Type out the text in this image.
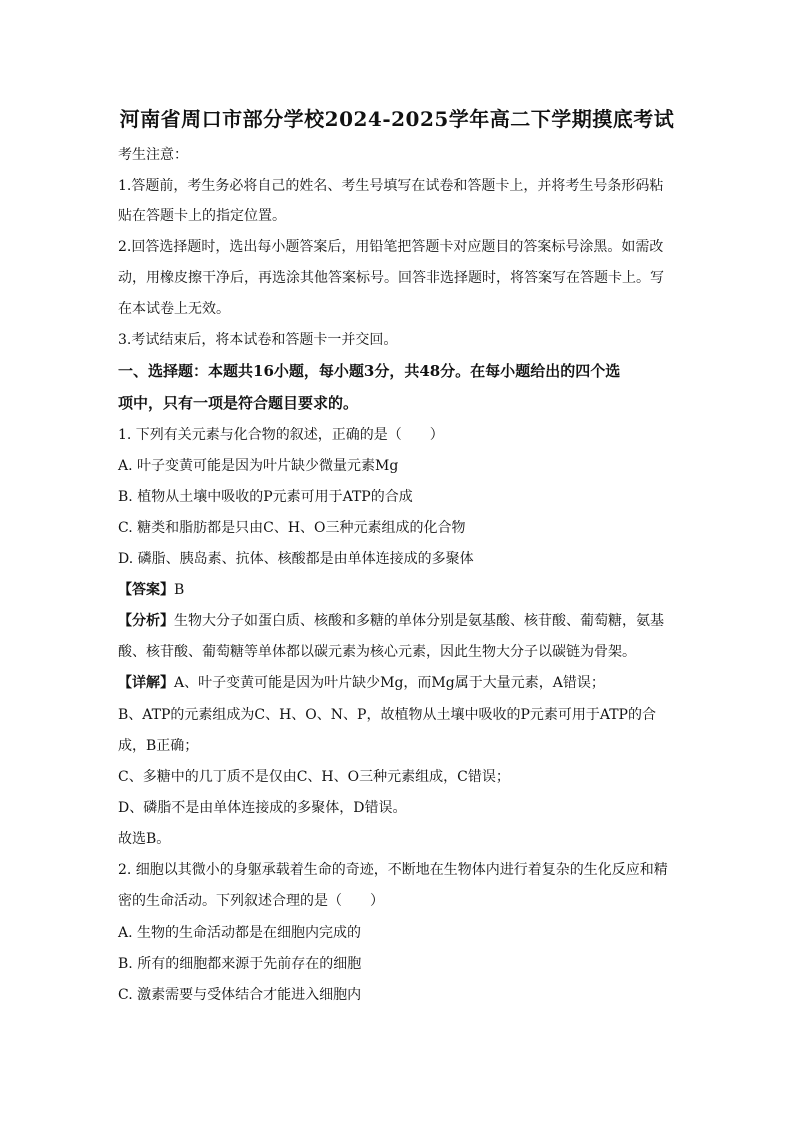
河南省周口市部分学校2024-2025学年高二下学期摸底考试
考生注意：
1.答题前，考生务必将自己的姓名、考生号填写在试卷和答题卡上，并将考生号条形码粘
贴在答题卡上的指定位置。
2.回答选择题时，选出每小题答案后，用铅笔把答题卡对应题目的答案标号涂黑。如需改
动，用橡皮擦干净后，再选涂其他答案标号。回答非选择题时，将答案写在答题卡上。写
在本试卷上无效。
3.考试结束后，将本试卷和答题卡一并交回。
一、选择题：本题共16小题，每小题3分，共48分。在每小题给出的四个选
项中，只有一项是符合题目要求的。
1. 下列有关元素与化合物的叙述，正确的是（　　）
A. 叶子变黄可能是因为叶片缺少微量元素Mg
B. 植物从土壤中吸收的P元素可用于ATP的合成
C. 糖类和脂肪都是只由C、H、O三种元素组成的化合物
D. 磷脂、胰岛素、抗体、核酸都是由单体连接成的多聚体
【答案】B
【分析】生物大分子如蛋白质、核酸和多糖的单体分别是氨基酸、核苷酸、葡萄糖，氨基
酸、核苷酸、葡萄糖等单体都以碳元素为核心元素，因此生物大分子以碳链为骨架。
【详解】A、叶子变黄可能是因为叶片缺少Mg，而Mg属于大量元素，A错误；
B、ATP的元素组成为C、H、O、N、P，故植物从土壤中吸收的P元素可用于ATP的合
成，B正确；
C、多糖中的几丁质不是仅由C、H、O三种元素组成，C错误；
D、磷脂不是由单体连接成的多聚体，D错误。
故选B。
2. 细胞以其微小的身躯承载着生命的奇迹，不断地在生物体内进行着复杂的生化反应和精
密的生命活动。下列叙述合理的是（　　）
A. 生物的生命活动都是在细胞内完成的
B. 所有的细胞都来源于先前存在的细胞
C. 激素需要与受体结合才能进入细胞内
